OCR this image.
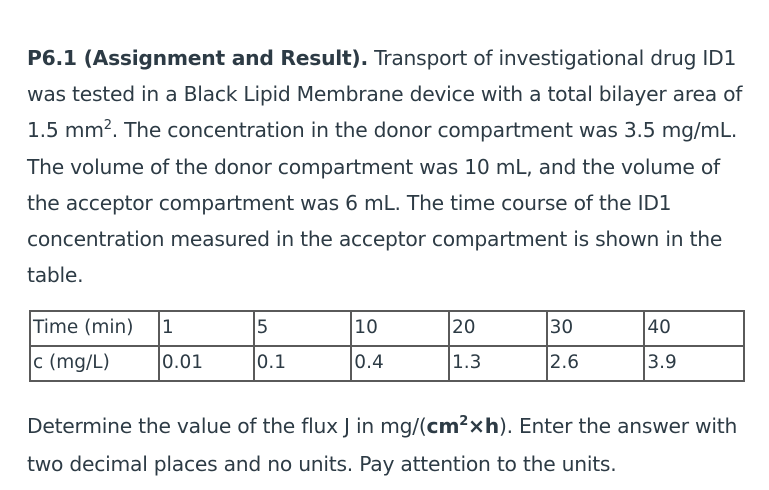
P6.1 (Assignment and Result). Transport of investigational drug ID1 was tested in a Black Lipid Membrane device with a total bilayer area of 1.5 $mm^2$. The concentration in the donor compartment was 3.5 mg/mL. The volume of the donor compartment was 10 mL, and the volume of the acceptor compartment was 6 mL. The time course of the ID1 concentration measured in the acceptor compartment is shown in the table.
Time (min)	1	5	10	20	30	40
c (mg/L)	0.01	0.1	0.4	1.3	2.6	3.9
Determine the value of the flux J in $mg/(cm^2\times h)$. Enter the answer with two decimal places and no units. Pay attention to the units.
